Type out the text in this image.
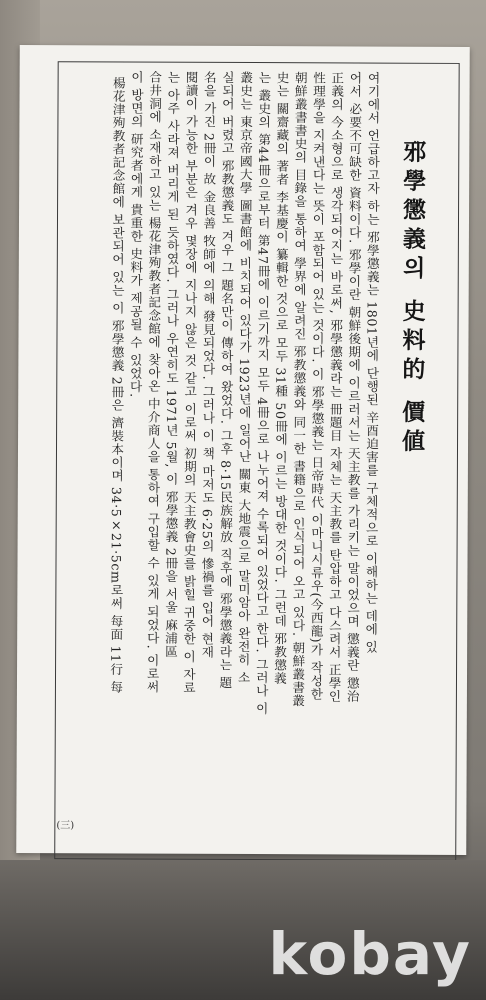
여기에서 언급하고자 하는 邪學懲義는 1801년에 단행된 辛酉迫害를 구체적으로 이해하는 데에 있
어서 必要不可缺한 資料이다. 邪學이란 朝鮮後期에 이르러서는 天主教를 가리키는 말이었으며 懲義란 懲治
正義의 今소형으로 생각되어지는 바로써, 邪學懲義라는 冊題目 자체는 天主教를 탄압하고 다스려서 正學인
性理學을 지켜낸다는 뜻이 포함되어 있는 것이다. 이 邪學懲義는 日帝時代 이마니시류우(今西龍)가 작성한
朝鮮叢書書史의 目錄을 통하여 學界에 알려진 邪教懲義와 同一한 書籍으로 인식되어 오고 있다. 朝鮮叢書叢
史는 關齋藏의 著者 李基慶이 纂輯한 것으로 모두 31種 50冊에 이르는 방대한 것이다. 그런데 邪教懲義
는 叢史의 第44冊으로부터 第47冊에 이르기까지 모두 4冊으로 나누어져 수록되어 있었다고 한다. 그러나 이
叢史는 東京帝國大學 圖書館에 비치되어 있다가 1923년에 일어난 關東 大地震으로 말미암아 완전히 소
실되어 버렸고 邪教懲義도 겨우 그 題名만이 傳하여 왔었다. 그후 8·15民族解放 직후에 邪學懲義라는 題
名을 가진 2冊이 故 金良善 牧師에 의해 發見되었다. 그러나 이 책 마저도 6·25의 慘禍를 입어 현재
閱讀이 가능한 부분은 겨우 몇장에 지나지 않은 것 같고 이로써 初期의 天主教會史를 밝힐 귀중한 이 자료
는 아주 사라져 버리게 된 듯하였다. 그러나 우연히도 1971년 5월, 이 邪學懲義 2冊을 서울 麻浦區
合井洞에 소재하고 있는 楊花津殉教者記念館에 찾아온 中介商人을 통하여 구입할 수 있게 되었다. 이로써
이 방면의 研究者에게 貴重한 史料가 제공될 수 있었다.
楊花津殉教者記念館에 보관되어 있는 이 邪學懲義 2冊은 濟裝本이며 34·5×21·5cm로써 每面 11行 每	邪學懲義의 史料的 價値
(三)
kobay
